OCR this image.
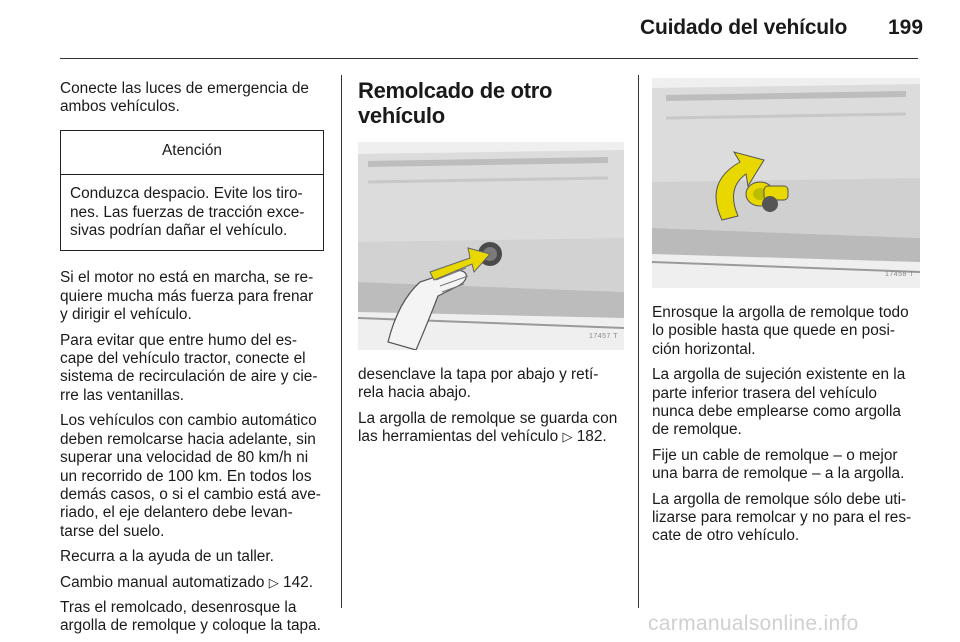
Cuidado del vehículo 199

Conecte las luces de emergencia de ambos vehículos.

Atención
Conduzca despacio. Evite los tiro-nes. Las fuerzas de tracción exce-sivas podrían dañar el vehículo.

Si el motor no está en marcha, se re-quiere mucha más fuerza para frenar y dirigir el vehículo.

Para evitar que entre humo del es-cape del vehículo tractor, conecte el sistema de recirculación de aire y cie-rre las ventanillas.

Los vehículos con cambio automático deben remolcarse hacia adelante, sin superar una velocidad de 80 km/h ni un recorrido de 100 km. En todos los demás casos, o si el cambio está ave-riado, el eje delantero debe levan-tarse del suelo.

Recurra a la ayuda de un taller.

Cambio manual automatizado ▷ 142.

Tras el remolcado, desenrosque la argolla de remolque y coloque la tapa.

Remolcado de otro vehículo
17457 T

desenclave la tapa por abajo y retí-rela hacia abajo.

La argolla de remolque se guarda con las herramientas del vehículo ▷ 182.

17458 T

Enrosque la argolla de remolque todo lo posible hasta que quede en posi-ción horizontal.

La argolla de sujeción existente en la parte inferior trasera del vehículo nunca debe emplearse como argolla de remolque.

Fije un cable de remolque – o mejor una barra de remolque – a la argolla.

La argolla de remolque sólo debe uti-lizarse para remolcar y no para el res-cate de otro vehículo.

carmanualsonline.info
